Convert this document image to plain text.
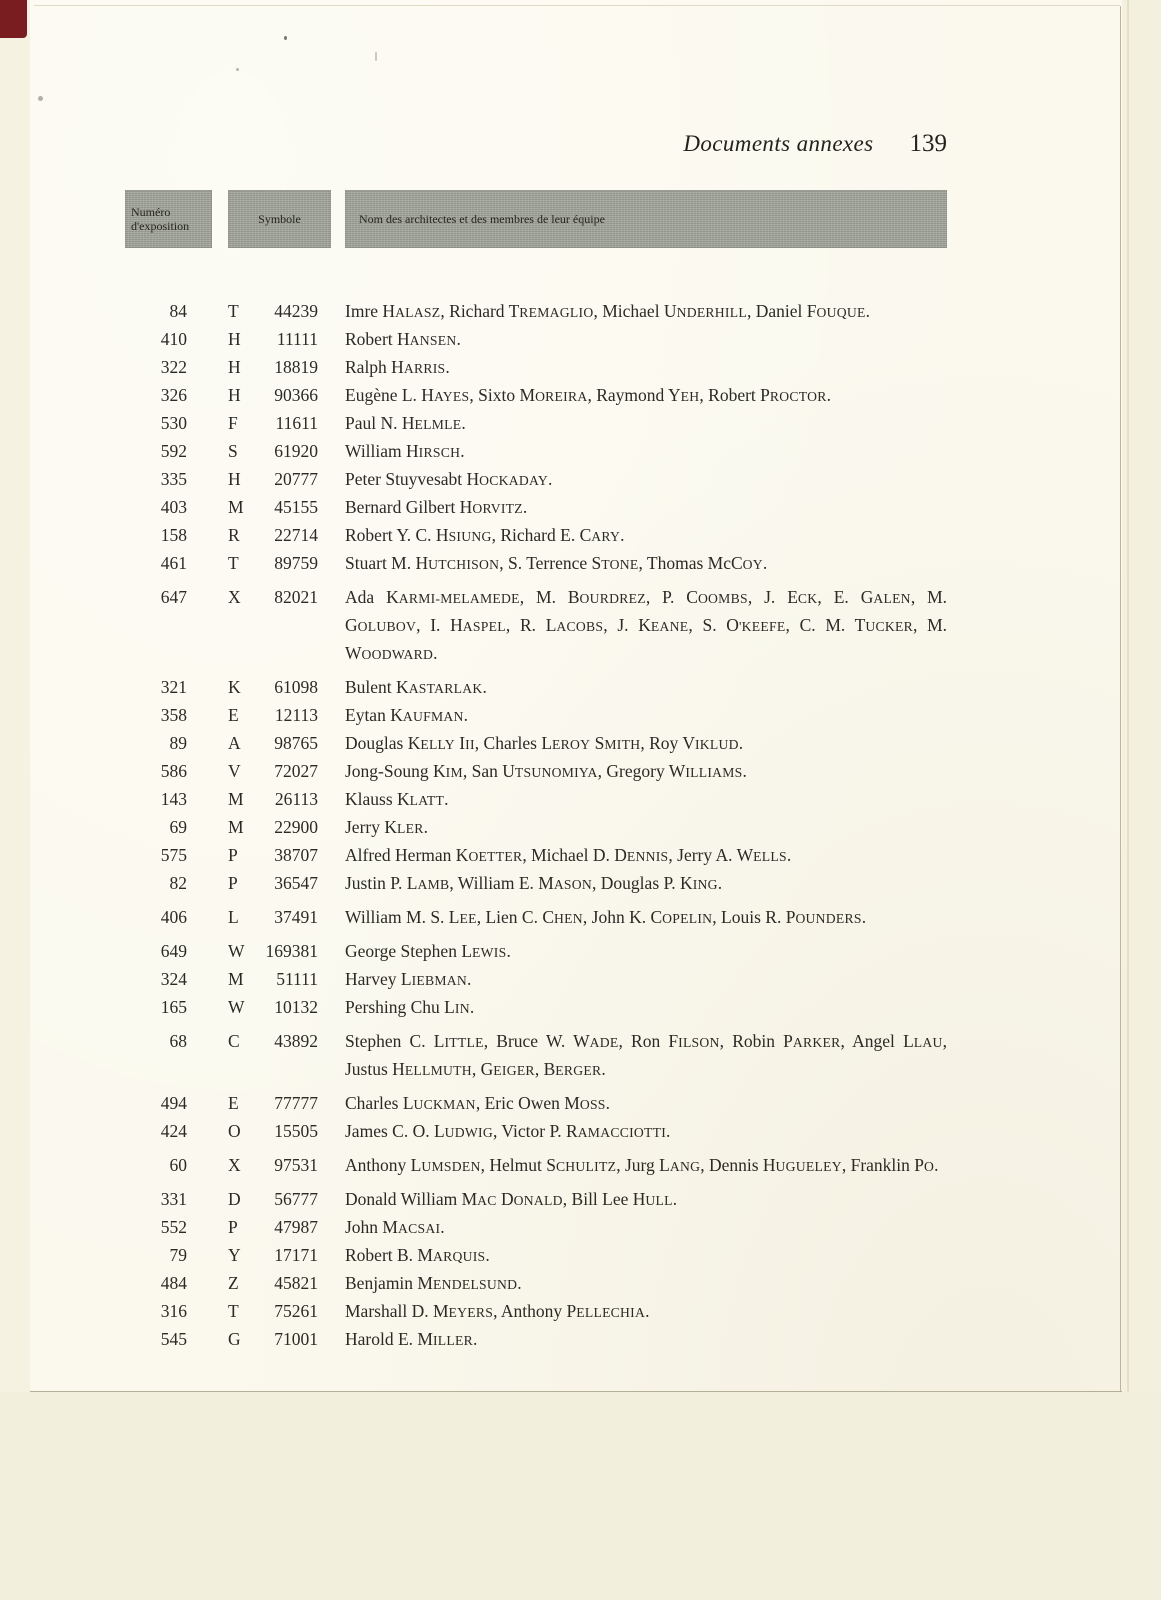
Documents annexes 139
Numéro d'exposition	Symbole	Nom des architectes et des membres de leur équipe
84 T 44239 Imre HALASZ, Richard TREMAGLIO, Michael UNDERHILL, Daniel FOUQUE.
410 H 11111 Robert HANSEN.
322 H 18819 Ralph HARRIS.
326 H 90366 Eugène L. HAYES, Sixto MOREIRA, Raymond YEH, Robert PROCTOR.
530 F 11611 Paul N. HELMLE.
592 S 61920 William HIRSCH.
335 H 20777 Peter Stuyvesabt HOCKADAY.
403 M 45155 Bernard Gilbert HORVITZ.
158 R 22714 Robert Y. C. HSIUNG, Richard E. CARY.
461 T 89759 Stuart M. HUTCHISON, S. Terrence STONE, Thomas McCOY.
647 X 82021 Ada KARMI-MELAMEDE, M. BOURDREZ, P. COOMBS, J. ECK, E. GALEN, M. GOLUBOV, I. HASPEL, R. LACOBS, J. KEANE, S. O'KEEFE, C. M. TUCKER, M. WOODWARD.
321 K 61098 Bulent KASTARLAK.
358 E 12113 Eytan KAUFMAN.
89 A 98765 Douglas KELLY III, Charles LEROY SMITH, Roy VIKLUD.
586 V 72027 Jong-Soung KIM, San UTSUNOMIYA, Gregory WILLIAMS.
143 M 26113 Klauss KLATT.
69 M 22900 Jerry KLER.
575 P 38707 Alfred Herman KOETTER, Michael D. DENNIS, Jerry A. WELLS.
82 P 36547 Justin P. LAMB, William E. MASON, Douglas P. KING.
406 L 37491 William M. S. LEE, Lien C. CHEN, John K. COPELIN, Louis R. POUNDERS.
649 W 169381 George Stephen LEWIS.
324 M 51111 Harvey LIEBMAN.
165 W 10132 Pershing Chu LIN.
68 C 43892 Stephen C. LITTLE, Bruce W. WADE, Ron FILSON, Robin PARKER, Angel LLAU, Justus HELLMUTH, GEIGER, BERGER.
494 E 77777 Charles LUCKMAN, Eric Owen MOSS.
424 O 15505 James C. O. LUDWIG, Victor P. RAMACCIOTTI.
60 X 97531 Anthony LUMSDEN, Helmut SCHULITZ, Jurg LANG, Dennis HUGUELEY, Franklin PO.
331 D 56777 Donald William MAC DONALD, Bill Lee HULL.
552 P 47987 John MACSAI.
79 Y 17171 Robert B. MARQUIS.
484 Z 45821 Benjamin MENDELSUND.
316 T 75261 Marshall D. MEYERS, Anthony PELLECHIA.
545 G 71001 Harold E. MILLER.
